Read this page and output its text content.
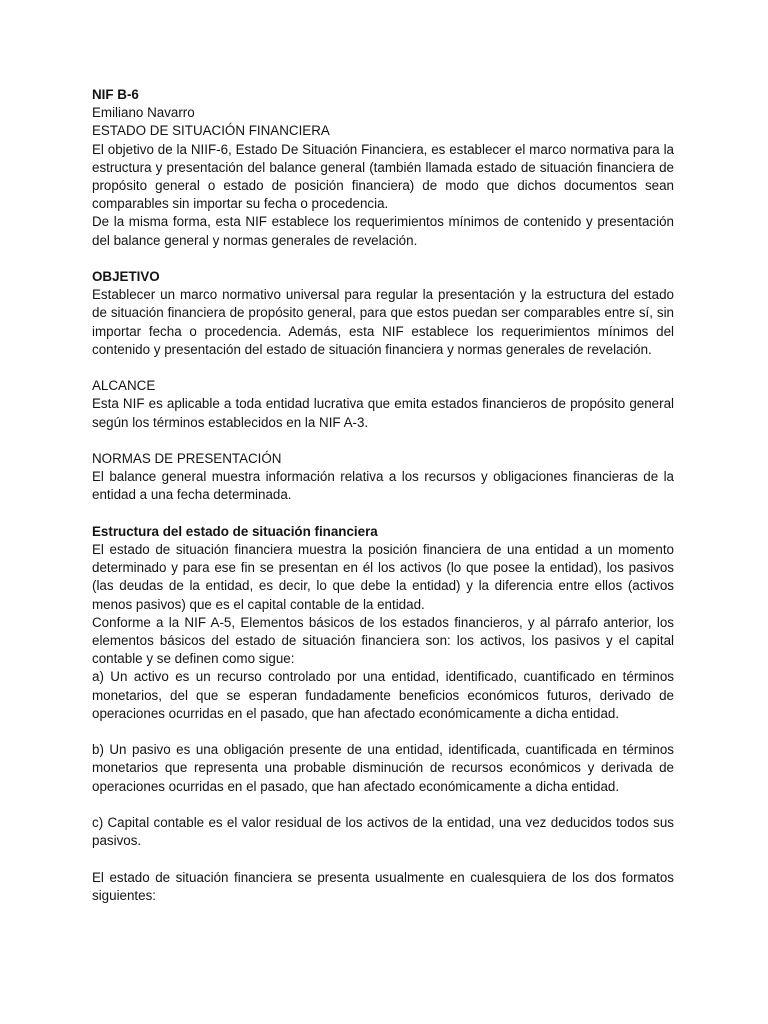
NIF B-6
Emiliano Navarro
ESTADO DE SITUACIÓN FINANCIERA

El objetivo de la NIIF-6, Estado De Situación Financiera, es establecer el marco normativa para la estructura y presentación del balance general (también llamada estado de situación financiera de propósito general o estado de posición financiera) de modo que dichos documentos sean comparables sin importar su fecha o procedencia.

De la misma forma, esta NIF establece los requerimientos mínimos de contenido y presentación del balance general y normas generales de revelación.

OBJETIVO

Establecer un marco normativo universal para regular la presentación y la estructura del estado de situación financiera de propósito general, para que estos puedan ser comparables entre sí, sin importar fecha o procedencia. Además, esta NIF establece los requerimientos mínimos del contenido y presentación del estado de situación financiera y normas generales de revelación.

ALCANCE

Esta NIF es aplicable a toda entidad lucrativa que emita estados financieros de propósito general según los términos establecidos en la NIF A-3.

NORMAS DE PRESENTACIÓN

El balance general muestra información relativa a los recursos y obligaciones financieras de la entidad a una fecha determinada.

Estructura del estado de situación financiera

El estado de situación financiera muestra la posición financiera de una entidad a un momento determinado y para ese fin se presentan en él los activos (lo que posee la entidad), los pasivos (las deudas de la entidad, es decir, lo que debe la entidad) y la diferencia entre ellos (activos menos pasivos) que es el capital contable de la entidad.

Conforme a la NIF A-5, Elementos básicos de los estados financieros, y al párrafo anterior, los elementos básicos del estado de situación financiera son: los activos, los pasivos y el capital contable y se definen como sigue:

a) Un activo es un recurso controlado por una entidad, identificado, cuantificado en términos monetarios, del que se esperan fundadamente beneficios económicos futuros, derivado de operaciones ocurridas en el pasado, que han afectado económicamente a dicha entidad.

b) Un pasivo es una obligación presente de una entidad, identificada, cuantificada en términos monetarios que representa una probable disminución de recursos económicos y derivada de operaciones ocurridas en el pasado, que han afectado económicamente a dicha entidad.

c) Capital contable es el valor residual de los activos de la entidad, una vez deducidos todos sus pasivos.

El estado de situación financiera se presenta usualmente en cualesquiera de los dos formatos siguientes:
